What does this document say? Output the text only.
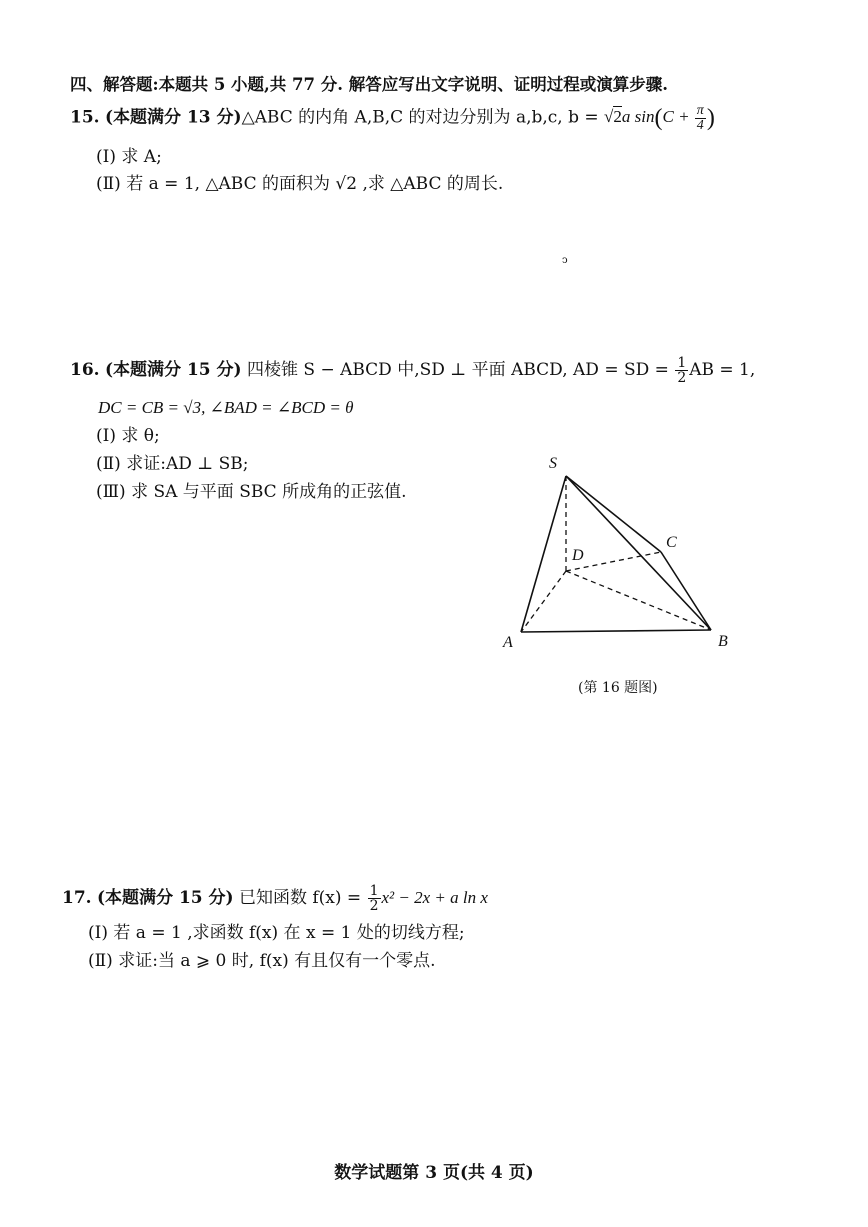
四、解答题:本题共 5 小题,共 77 分. 解答应写出文字说明、证明过程或演算步骤.
15. (本题满分 13 分)△ABC 的内角 A,B,C 的对边分别为 a,b,c, b = √2a $\sin(C + \frac{\pi}{4}$ )
(Ⅰ) 求 A;
(Ⅱ) 若 a = 1, △ABC 的面积为 √2 ,求 △ABC 的周长.
ↄ
16. (本题满分 15 分) 四棱锥 S − ABCD 中,SD ⊥ 平面 ABCD, AD = SD = $\frac{1}{2}$ AB = 1,
DC = CB = √3, ∠BAD = ∠BCD = θ
(Ⅰ) 求 θ;
(Ⅱ) 求证:AD ⊥ SB;
(Ⅲ) 求 SA 与平面 SBC 所成角的正弦值.
S
D
C
A	B
(第 16 题图)
17. (本题满分 15 分) 已知函数 $f(x) = \frac{1}{2} x^2 - 2x + a$ ln x
(Ⅰ) 若 a = 1 ,求函数 f(x) 在 x = 1 处的切线方程;
(Ⅱ) 求证:当 a ⩾ 0 时, f(x) 有且仅有一个零点.
数学试题第 3 页(共 4 页)
